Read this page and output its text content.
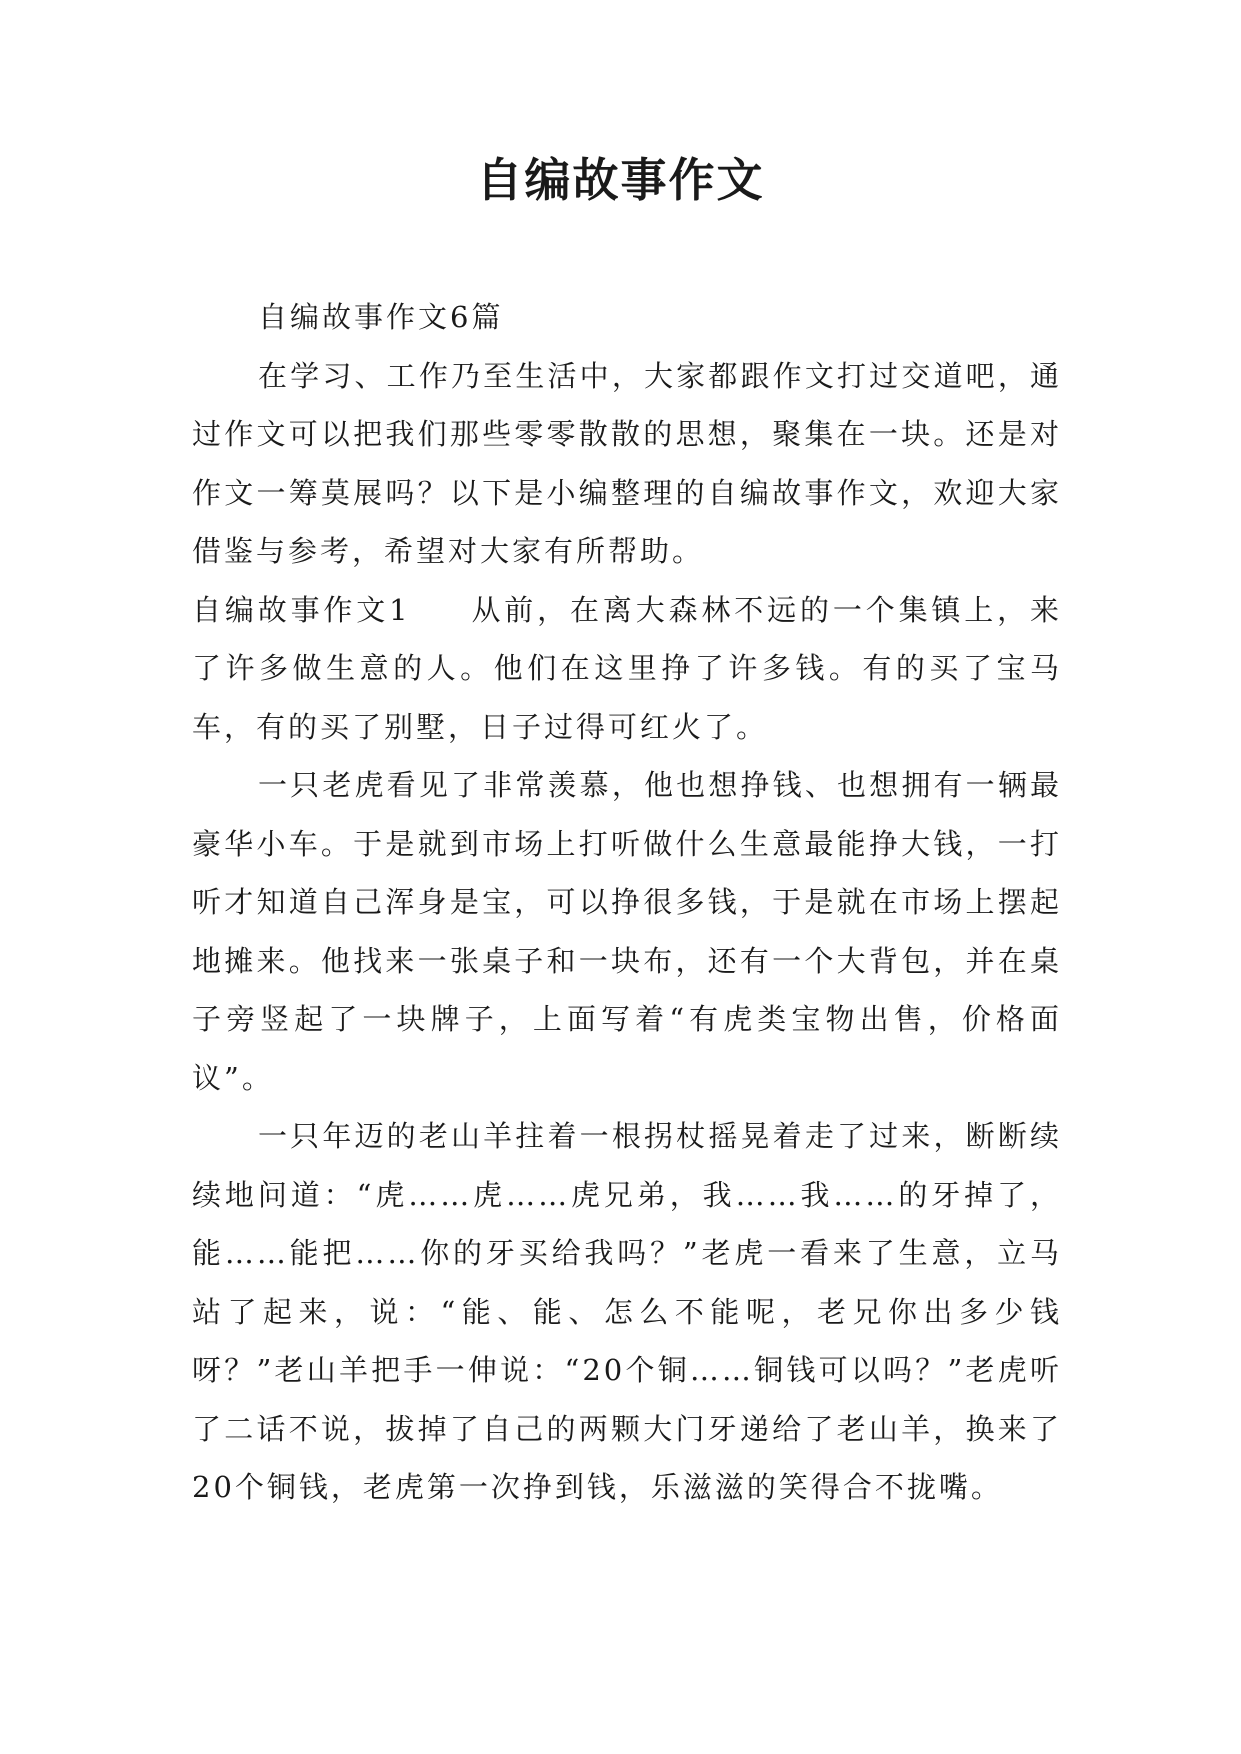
自编故事作文

自编故事作文6篇

在学习、工作乃至生活中，大家都跟作文打过交道吧，通过作文可以把我们那些零零散散的思想，聚集在一块。还是对作文一筹莫展吗？以下是小编整理的自编故事作文，欢迎大家借鉴与参考，希望对大家有所帮助。

自编故事作文1 从前，在离大森林不远的一个集镇上，来了许多做生意的人。他们在这里挣了许多钱。有的买了宝马车，有的买了别墅，日子过得可红火了。

一只老虎看见了非常羡慕，他也想挣钱、也想拥有一辆最豪华小车。于是就到市场上打听做什么生意最能挣大钱，一打听才知道自己浑身是宝，可以挣很多钱，于是就在市场上摆起地摊来。他找来一张桌子和一块布，还有一个大背包，并在桌子旁竖起了一块牌子，上面写着“有虎类宝物出售，价格面议”。

一只年迈的老山羊拄着一根拐杖摇晃着走了过来，断断续续地问道：“虎……虎……虎兄弟，我……我……的牙掉了，能……能把……你的牙买给我吗？”老虎一看来了生意，立马站了起来，说：“能、能、怎么不能呢，老兄你出多少钱呀？”老山羊把手一伸说：“20个铜……铜钱可以吗？”老虎听了二话不说，拔掉了自己的两颗大门牙递给了老山羊，换来了20个铜钱，老虎第一次挣到钱，乐滋滋的笑得合不拢嘴。
